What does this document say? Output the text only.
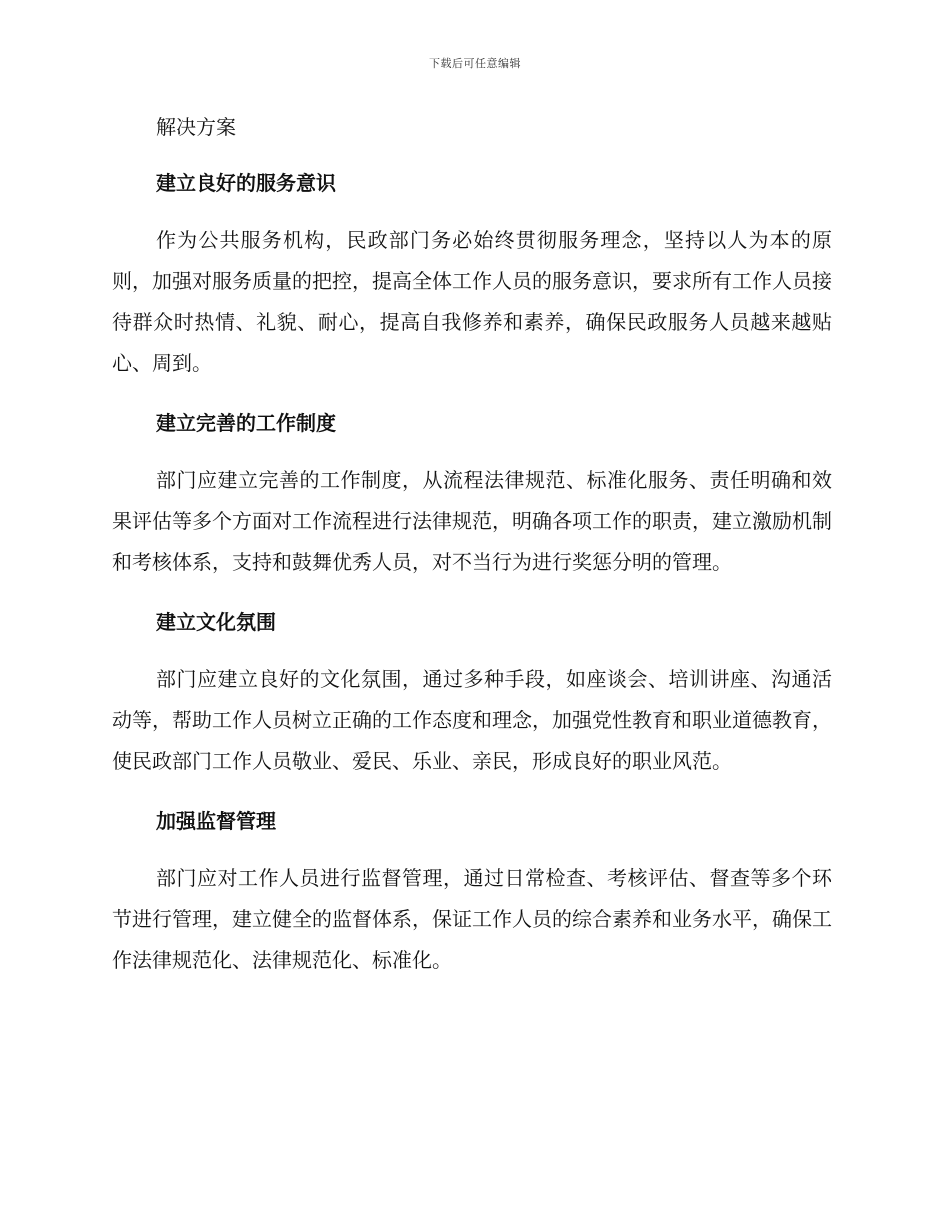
下载后可任意编辑
解决方案
建立良好的服务意识

作为公共服务机构，民政部门务必始终贯彻服务理念，坚持以人为本的原则，加强对服务质量的把控，提高全体工作人员的服务意识，要求所有工作人员接待群众时热情、礼貌、耐心，提高自我修养和素养，确保民政服务人员越来越贴心、周到。

建立完善的工作制度

部门应建立完善的工作制度，从流程法律规范、标准化服务、责任明确和效果评估等多个方面对工作流程进行法律规范，明确各项工作的职责，建立激励机制和考核体系，支持和鼓舞优秀人员，对不当行为进行奖惩分明的管理。

建立文化氛围

部门应建立良好的文化氛围，通过多种手段，如座谈会、培训讲座、沟通活动等，帮助工作人员树立正确的工作态度和理念，加强党性教育和职业道德教育，使民政部门工作人员敬业、爱民、乐业、亲民，形成良好的职业风范。

加强监督管理

部门应对工作人员进行监督管理，通过日常检查、考核评估、督查等多个环节进行管理，建立健全的监督体系，保证工作人员的综合素养和业务水平，确保工作法律规范化、法律规范化、标准化。
